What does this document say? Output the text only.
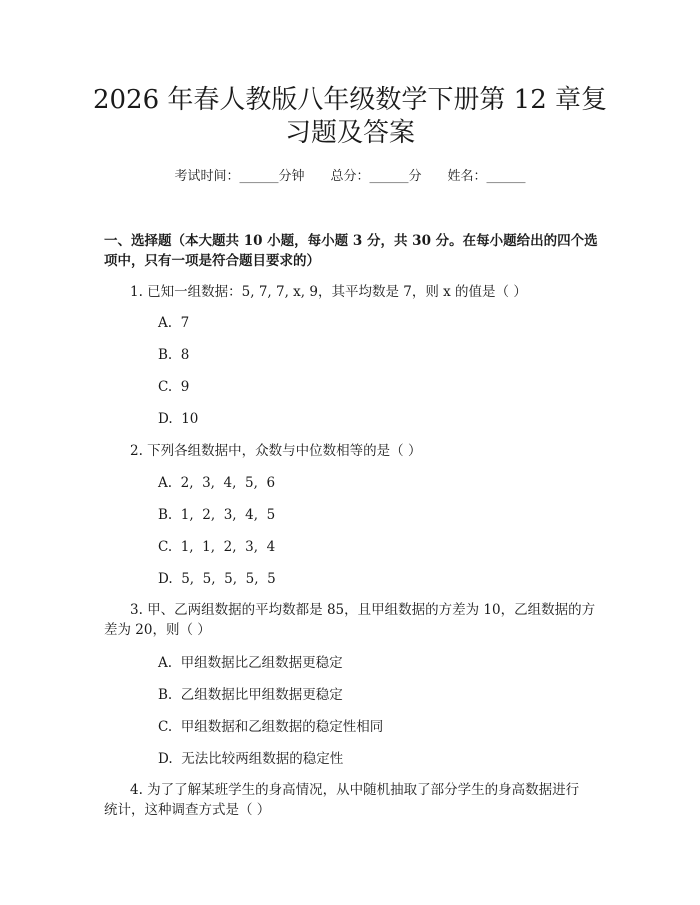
2026 年春人教版八年级数学下册第 12 章复
习题及答案
考试时间：______分钟　　总分：______分　　姓名：______
一、选择题（本大题共 10 小题，每小题 3 分，共 30 分。在每小题给出的四个选
项中，只有一项是符合题目要求的）
1. 已知一组数据：5, 7, 7, x, 9，其平均数是 7，则 x 的值是（ ）
A.  7
B.  8
C.  9
D.  10
2. 下列各组数据中，众数与中位数相等的是（ ）
A.  2,  3,  4,  5,  6
B.  1,  2,  3,  4,  5
C.  1,  1,  2,  3,  4
D.  5,  5,  5,  5,  5
3. 甲、乙两组数据的平均数都是 85，且甲组数据的方差为 10，乙组数据的方
差为 20，则（ ）
A.  甲组数据比乙组数据更稳定
B.  乙组数据比甲组数据更稳定
C.  甲组数据和乙组数据的稳定性相同
D.  无法比较两组数据的稳定性
4. 为了了解某班学生的身高情况，从中随机抽取了部分学生的身高数据进行
统计，这种调查方式是（ ）
